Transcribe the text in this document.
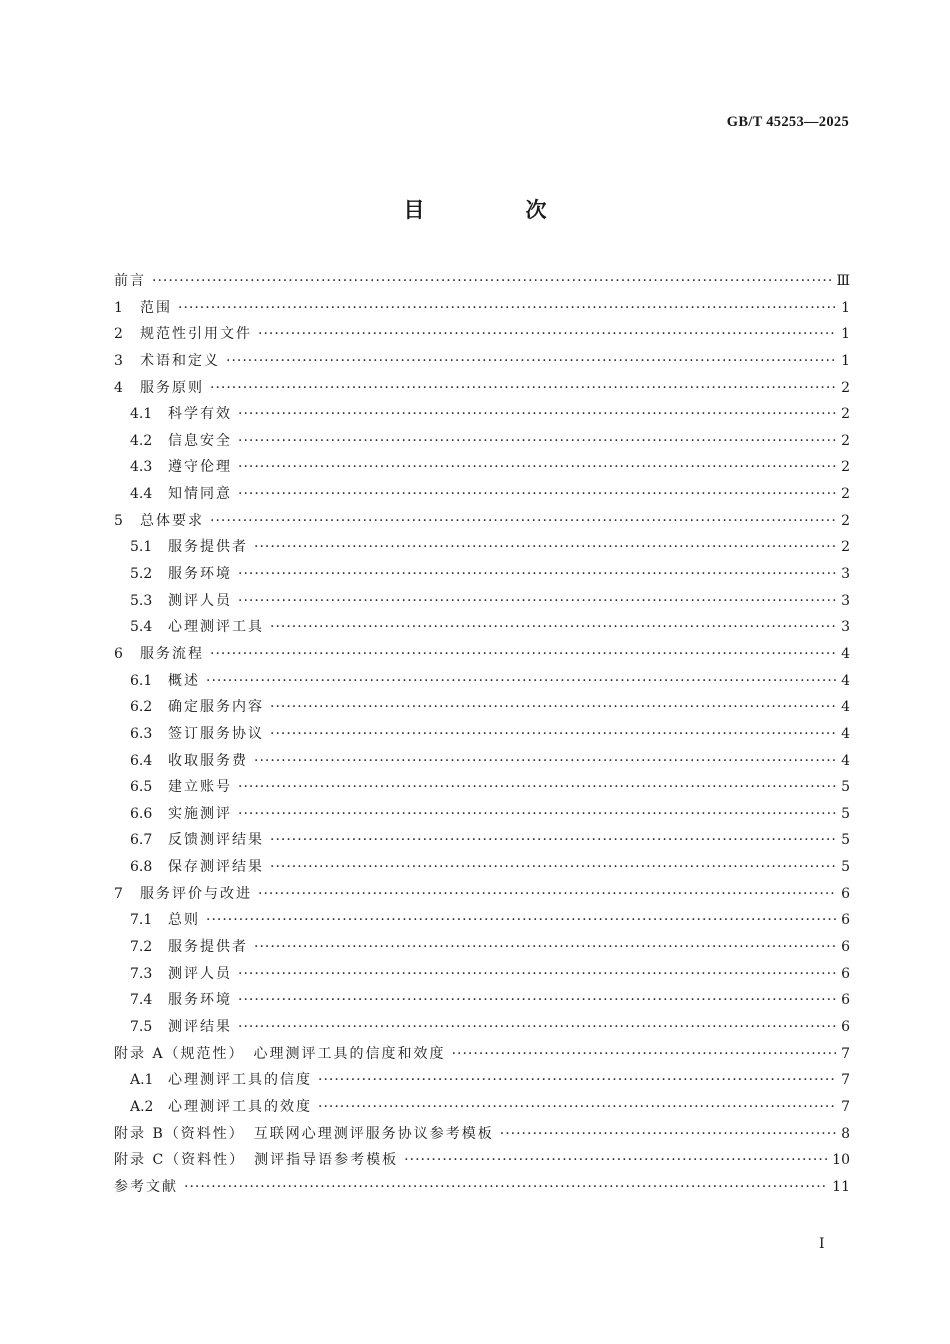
GB/T 45253—2025
目　次
前言 ·····	Ⅲ
1	范围 ·····	1
2	规范性引用文件 ·····	1
3	术语和定义 ·····	1
4	服务原则 ·····	2
4.1	科学有效 ·····	2
4.2	信息安全 ·····	2
4.3	遵守伦理 ·····	2
4.4	知情同意 ·····	2
5	总体要求 ·····	2
5.1	服务提供者 ·····	2
5.2	服务环境 ·····	3
5.3	测评人员 ·····	3
5.4	心理测评工具 ·····	3
6	服务流程 ·····	4
6.1	概述 ·····	4
6.2	确定服务内容 ·····	4
6.3	签订服务协议 ·····	4
6.4	收取服务费 ·····	4
6.5	建立账号 ·····	5
6.6	实施测评 ·····	5
6.7	反馈测评结果 ·····	5
6.8	保存测评结果 ·····	5
7	服务评价与改进 ·····	6
7.1	总则 ·····	6
7.2	服务提供者 ·····	6
7.3	测评人员 ·····	6
7.4	服务环境 ·····	6
7.5	测评结果 ·····	6
附录 A（规范性）　心理测评工具的信度和效度 ·····	7
A.1	心理测评工具的信度 ·····	7
A.2	心理测评工具的效度 ·····	7
附录 B（资料性）　互联网心理测评服务协议参考模板 ·····	8
附录 C（资料性）　测评指导语参考模板 ·····	10
参考文献 ·····	11
I
